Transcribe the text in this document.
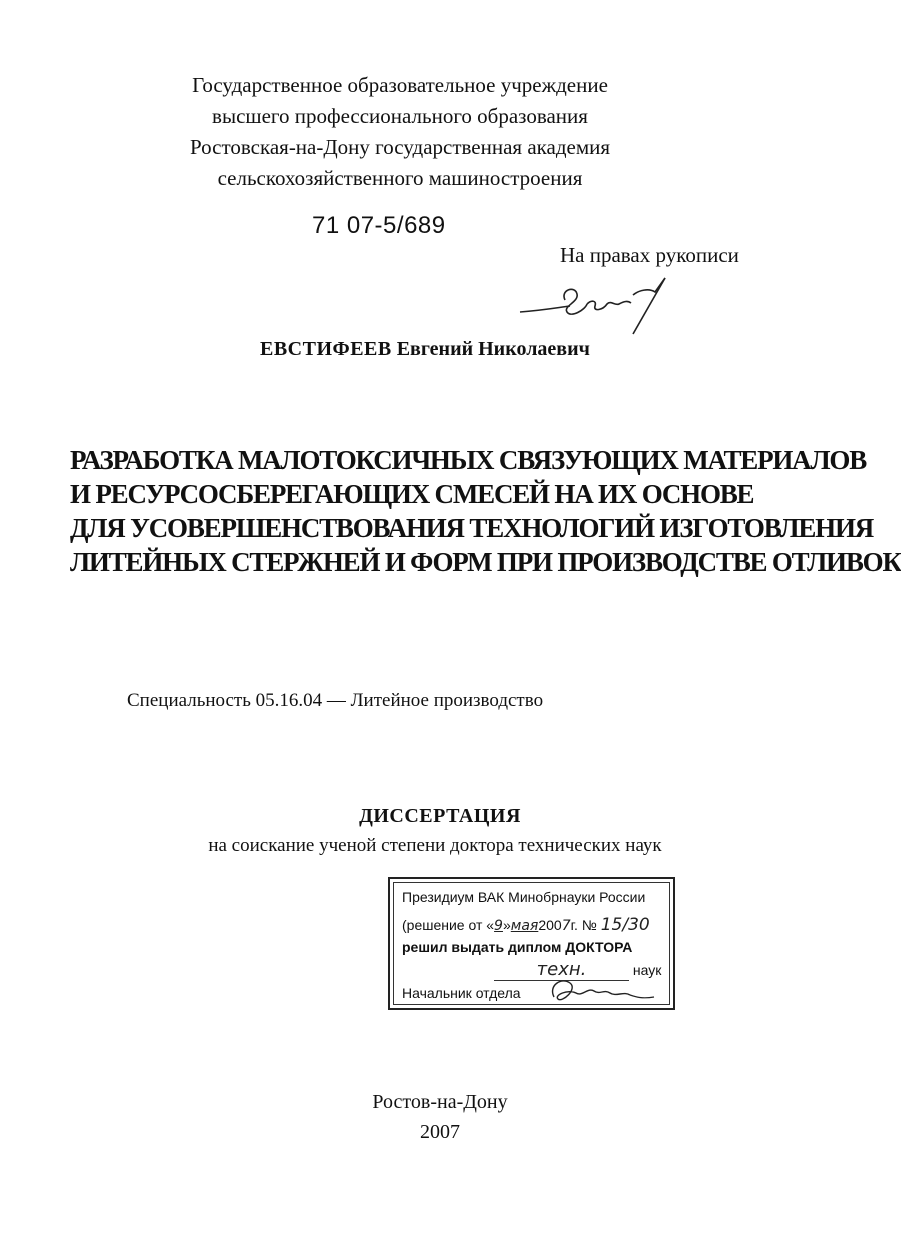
Государственное образовательное учреждение
высшего профессионального образования
Ростовская-на-Дону государственная академия
сельскохозяйственного машиностроения
71 07-5/689
На правах рукописи
ЕВСТИФЕЕВ Евгений Николаевич
РАЗРАБОТКА МАЛОТОКСИЧНЫХ СВЯЗУЮЩИХ МАТЕРИАЛОВ
И РЕСУРСОСБЕРЕГАЮЩИХ СМЕСЕЙ НА ИХ ОСНОВЕ
ДЛЯ УСОВЕРШЕНСТВОВАНИЯ ТЕХНОЛОГИЙ ИЗГОТОВЛЕНИЯ
ЛИТЕЙНЫХ СТЕРЖНЕЙ И ФОРМ ПРИ ПРОИЗВОДСТВЕ ОТЛИВОК
Специальность 05.16.04 — Литейное производство
ДИССЕРТАЦИЯ
на соискание ученой степени доктора технических наук
Президиум ВАК Минобрнауки России
(решение от «9»мая2007г. № 15/30
решил выдать диплом ДОКТОРА
техн.	наук
Начальник отдела
Ростов-на-Дону
2007
